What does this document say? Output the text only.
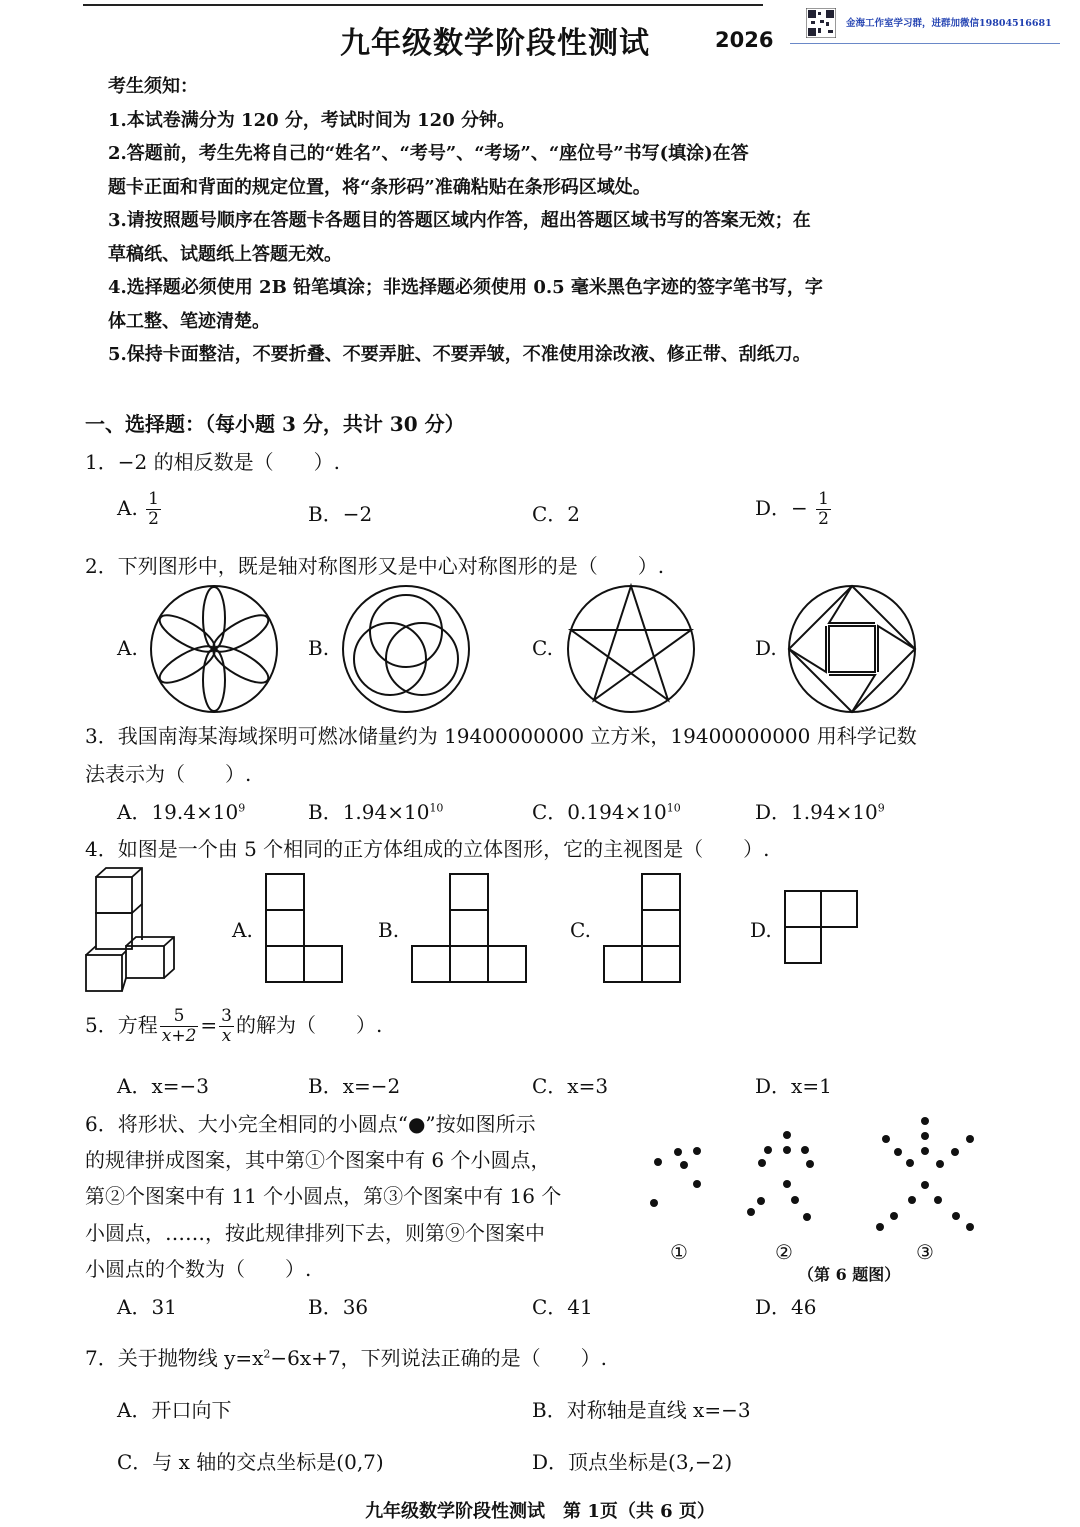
九年级数学阶段性测试	2026
金海工作室学习群，进群加微信19804516681

考生须知：

1.本试卷满分为 120 分，考试时间为 120 分钟。

2.答题前，考生先将自己的“姓名”、“考号”、“考场”、“座位号”书写(填涂)在答

题卡正面和背面的规定位置，将“条形码”准确粘贴在条形码区域处。

3.请按照题号顺序在答题卡各题目的答题区域内作答，超出答题区域书写的答案无效；在

草稿纸、试题纸上答题无效。

4.选择题必须使用 2B 铅笔填涂；非选择题必须使用 0.5 毫米黑色字迹的签字笔书写，字

体工整、笔迹清楚。

5.保持卡面整洁，不要折叠、不要弄脏、不要弄皱，不准使用涂改液、修正带、刮纸刀。

一、选择题：（每小题 3 分，共计 30 分）
1．−2 的相反数是（　　）.
A. $\frac{1}{2}$	B．−2	C．2	D．− $\frac{1}{2}$
2．下列图形中，既是轴对称图形又是中心对称图形的是（　　）.
A.	B.	C.	D.
3．我国南海某海域探明可燃冰储量约为 19400000000 立方米，19400000000 用科学记数
法表示为（　　）.
A．$19.4\times 10^9$	B．$1.94\times 10^{10}$	C．$0.194\times 10^{10}$	D．$1.94\times 10^9$
4．如图是一个由 5 个相同的正方体组成的立体图形，它的主视图是（　　）.
A.	B.	C.	D.
5．方程 $\frac{5}{x+2} = \frac{3}{x}$ 的解为（　　）.
A．x=−3	B．x=−2	C．x=3	D．x=1
6．将形状、大小完全相同的小圆点“●”按如图所示
的规律拼成图案，其中第①个图案中有 6 个小圆点，
第②个图案中有 11 个小圆点，第③个图案中有 16 个
小圆点，……，按此规律排列下去，则第⑨个图案中
小圆点的个数为（　　）.
①	②	③
（第 6 题图）
A．31	B．36	C．41	D．46
7．关于抛物线 $y=x^2-6x+7$，下列说法正确的是（　　）.
A．开口向下	B．对称轴是直线 x=−3
C．与 x 轴的交点坐标是(0,7)	D．顶点坐标是(3,−2)
九年级数学阶段性测试　第 1页（共 6 页）
